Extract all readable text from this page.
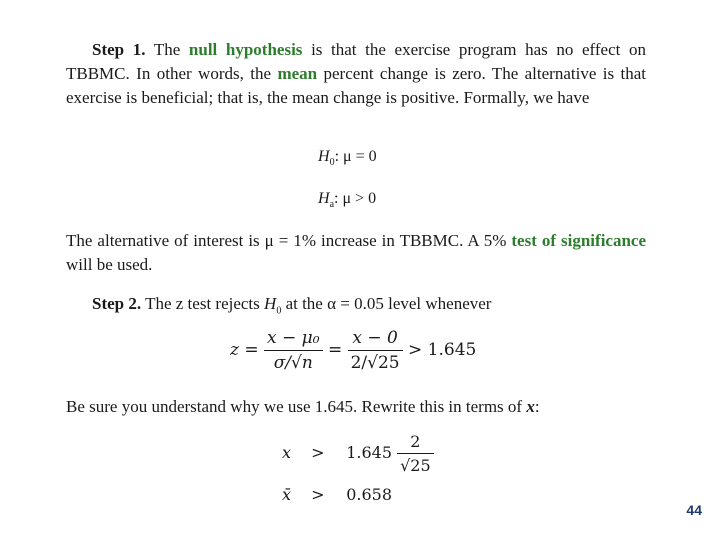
Step 1. The null hypothesis is that the exercise program has no effect on TBBMC. In other words, the mean percent change is zero. The alternative is that exercise is beneficial; that is, the mean change is positive. Formally, we have
$H_0$: μ = 0
$H_a$: μ > 0
The alternative of interest is μ = 1% increase in TBBMC. A 5% test of significance will be used.
Step 2. The z test rejects $H_0$ at the α = 0.05 level whenever
$z = \frac{\text{x − μ₀}}{\sigma/√n} = \frac{x - 0}{2/√25} > 1.645$
Be sure you understand why we use 1.645. Rewrite this in terms of x:
$x > 1.645 \frac{2}{√25}$
x̄ > 0.658
44
